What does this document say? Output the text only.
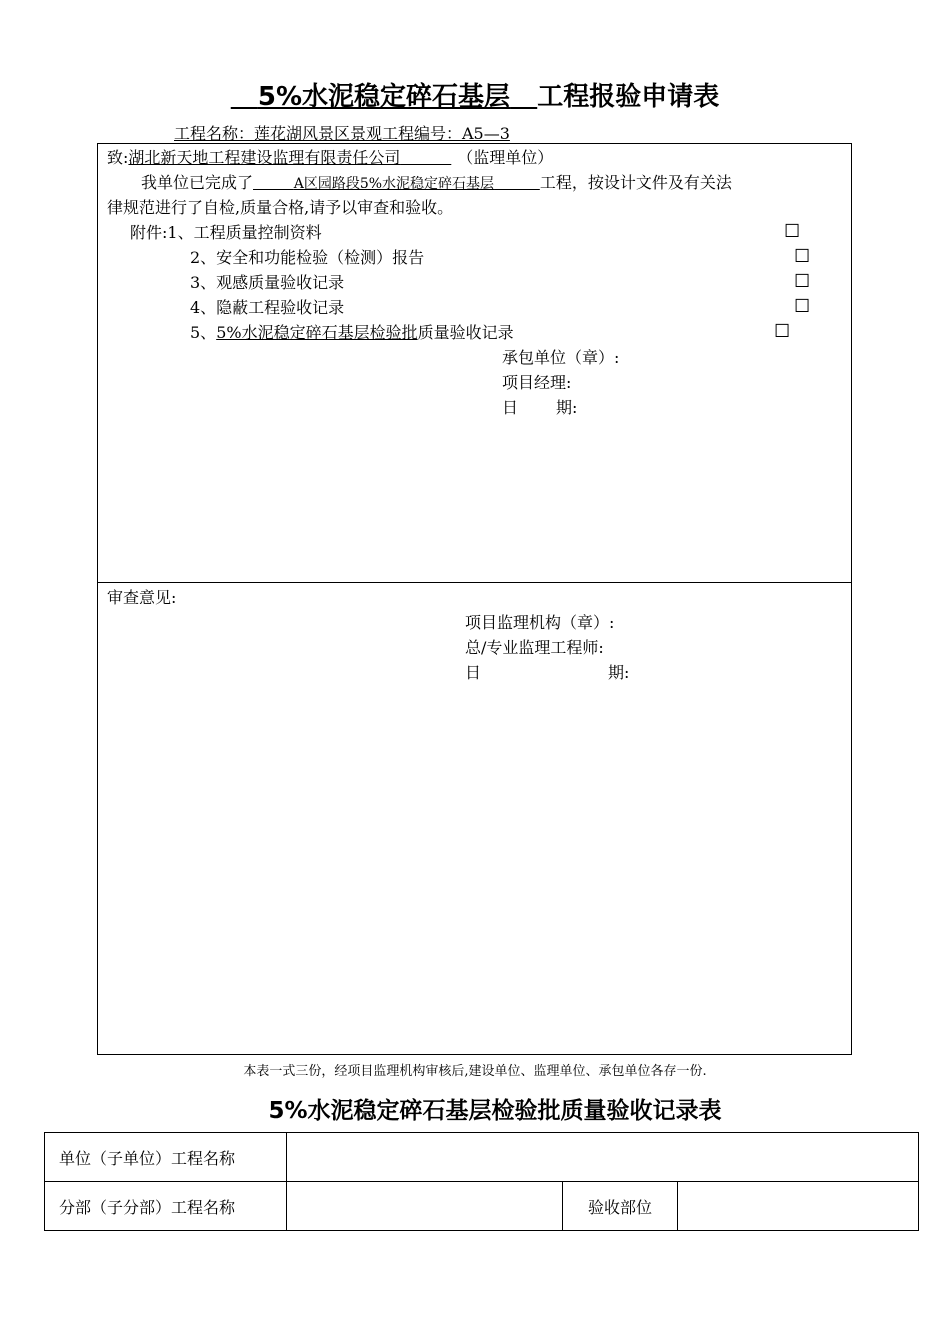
5%水泥稳定碎石基层 工程报验申请表
工程名称：莲花湖风景区景观工程编号：A5—3
致:湖北新天地工程建设监理有限责任公司	（监理单位）
我单位已完成了	A区园路段5%水泥稳定碎石基层	工程，按设计文件及有关法
律规范进行了自检,质量合格,请予以审查和验收。
附件:1、工程质量控制资料	☐
2、安全和功能检验（检测）报告	☐
3、观感质量验收记录	☐
4、隐蔽工程验收记录	☐
5、5%水泥稳定碎石基层检验批质量验收记录	☐
承包单位（章）:
项目经理:
日 期:
审查意见:
项目监理机构（章）:
总/专业监理工程师:
日	期:
本表一式三份，经项目监理机构审核后,建设单位、监理单位、承包单位各存一份.
5%水泥稳定碎石基层检验批质量验收记录表
单位（子单位）工程名称			
分部（子分部）工程名称		验收部位	
